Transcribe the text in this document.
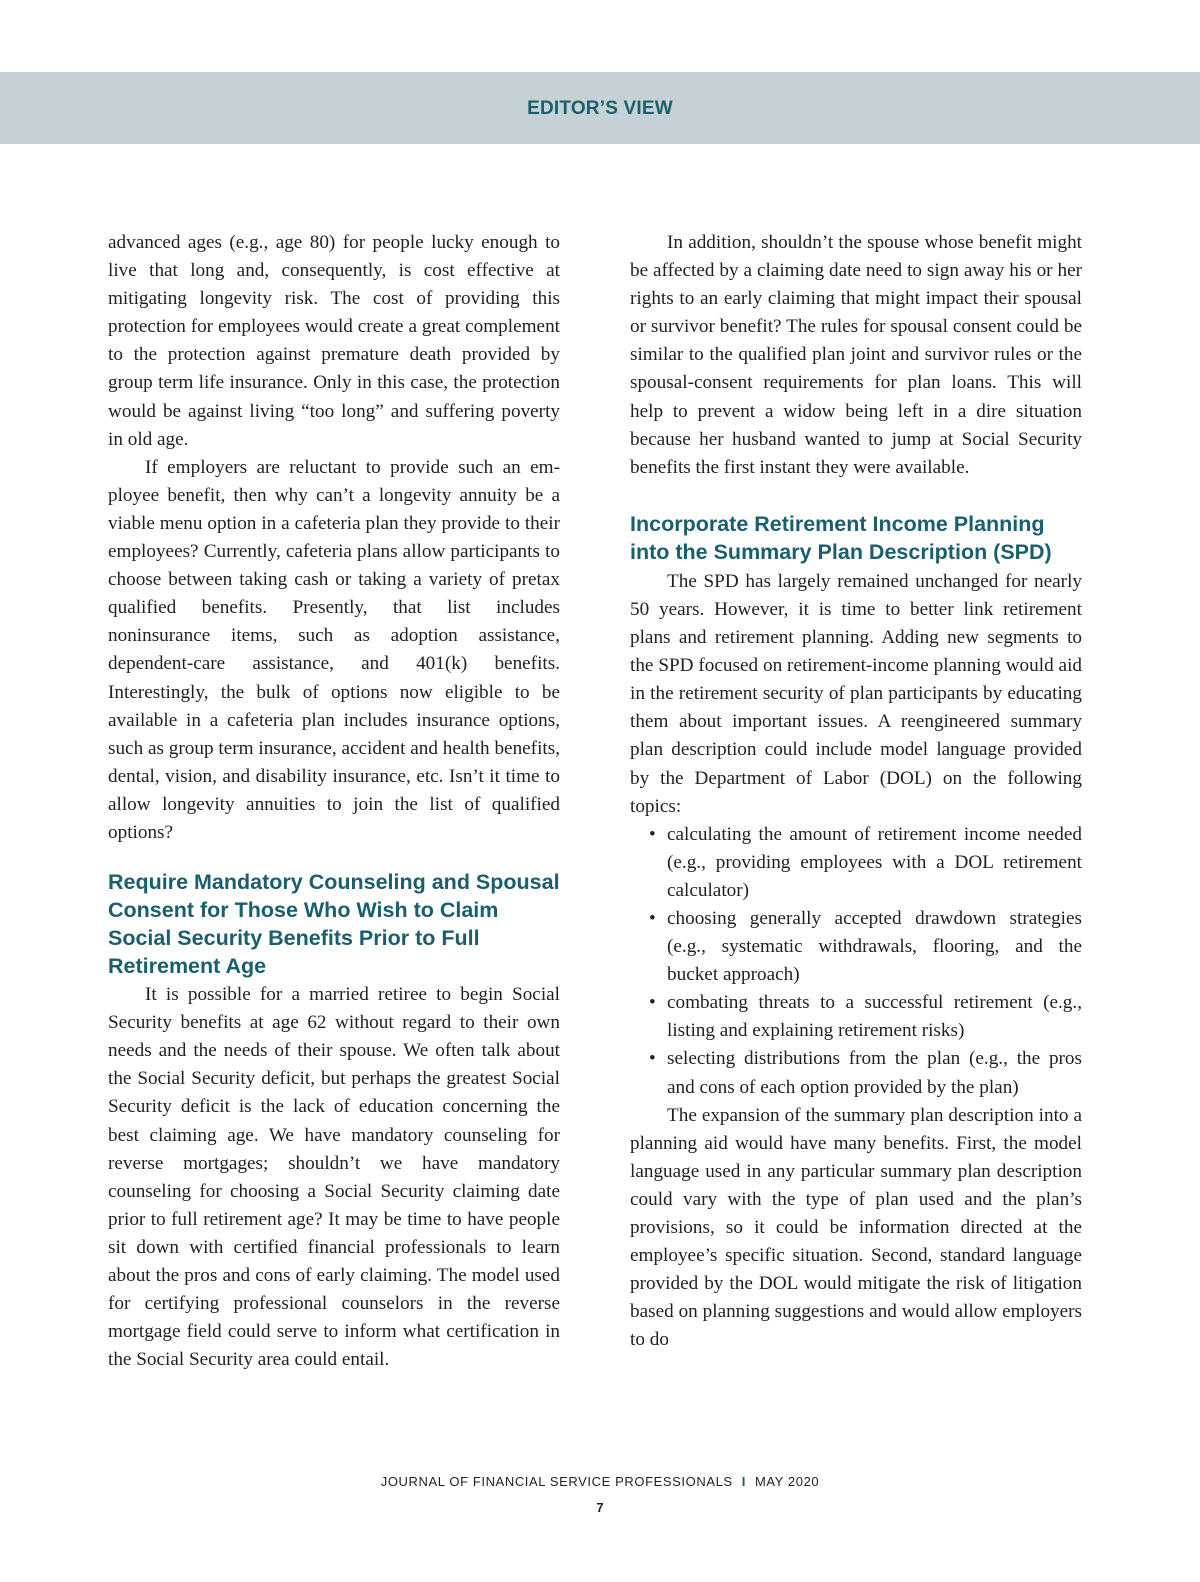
EDITOR’S VIEW

advanced ages (e.g., age 80) for people lucky enough to live that long and, consequently, is cost effective at mitigating longevity risk. The cost of providing this protection for employees would create a great complement to the protection against premature death provided by group term life insurance. Only in this case, the protection would be against living “too long” and suffering poverty in old age.

If employers are reluctant to provide such an employee benefit, then why can’t a longevity annuity be a viable menu option in a cafeteria plan they provide to their employees? Currently, cafeteria plans allow participants to choose between taking cash or taking a variety of pretax qualified benefits. Presently, that list includes noninsurance items, such as adoption assistance, dependent-care assistance, and 401(k) benefits. Interestingly, the bulk of options now eligible to be available in a cafeteria plan includes insurance options, such as group term insurance, accident and health benefits, dental, vision, and disability insurance, etc. Isn’t it time to allow longevity annuities to join the list of qualified options?

Require Mandatory Counseling and Spousal Consent for Those Who Wish to Claim Social Security Benefits Prior to Full Retirement Age

It is possible for a married retiree to begin Social Security benefits at age 62 without regard to their own needs and the needs of their spouse. We often talk about the Social Security deficit, but perhaps the greatest Social Security deficit is the lack of education concerning the best claiming age. We have mandatory counseling for reverse mortgages; shouldn’t we have mandatory counseling for choosing a Social Security claiming date prior to full retirement age? It may be time to have people sit down with certified financial professionals to learn about the pros and cons of early claiming. The model used for certifying professional counselors in the reverse mortgage field could serve to inform what certification in the Social Security area could entail.

In addition, shouldn’t the spouse whose benefit might be affected by a claiming date need to sign away his or her rights to an early claiming that might impact their spousal or survivor benefit? The rules for spousal consent could be similar to the qualified plan joint and survivor rules or the spousal-consent requirements for plan loans. This will help to prevent a widow being left in a dire situation because her husband wanted to jump at Social Security benefits the first instant they were available.

Incorporate Retirement Income Planning into the Summary Plan Description (SPD)

The SPD has largely remained unchanged for nearly 50 years. However, it is time to better link retirement plans and retirement planning. Adding new segments to the SPD focused on retirement-income planning would aid in the retirement security of plan participants by educating them about important issues. A reengineered summary plan description could include model language provided by the Department of Labor (DOL) on the following topics:

• calculating the amount of retirement income needed (e.g., providing employees with a DOL retirement calculator)
• choosing generally accepted drawdown strategies (e.g., systematic withdrawals, flooring, and the bucket approach)
• combating threats to a successful retirement (e.g., listing and explaining retirement risks)
• selecting distributions from the plan (e.g., the pros and cons of each option provided by the plan)

The expansion of the summary plan description into a planning aid would have many benefits. First, the model language used in any particular summary plan description could vary with the type of plan used and the plan’s provisions, so it could be information directed at the employee’s specific situation. Second, standard language provided by the DOL would mitigate the risk of litigation based on planning suggestions and would allow employers to do

JOURNAL OF FINANCIAL SERVICE PROFESSIONALS I MAY 2020
7
